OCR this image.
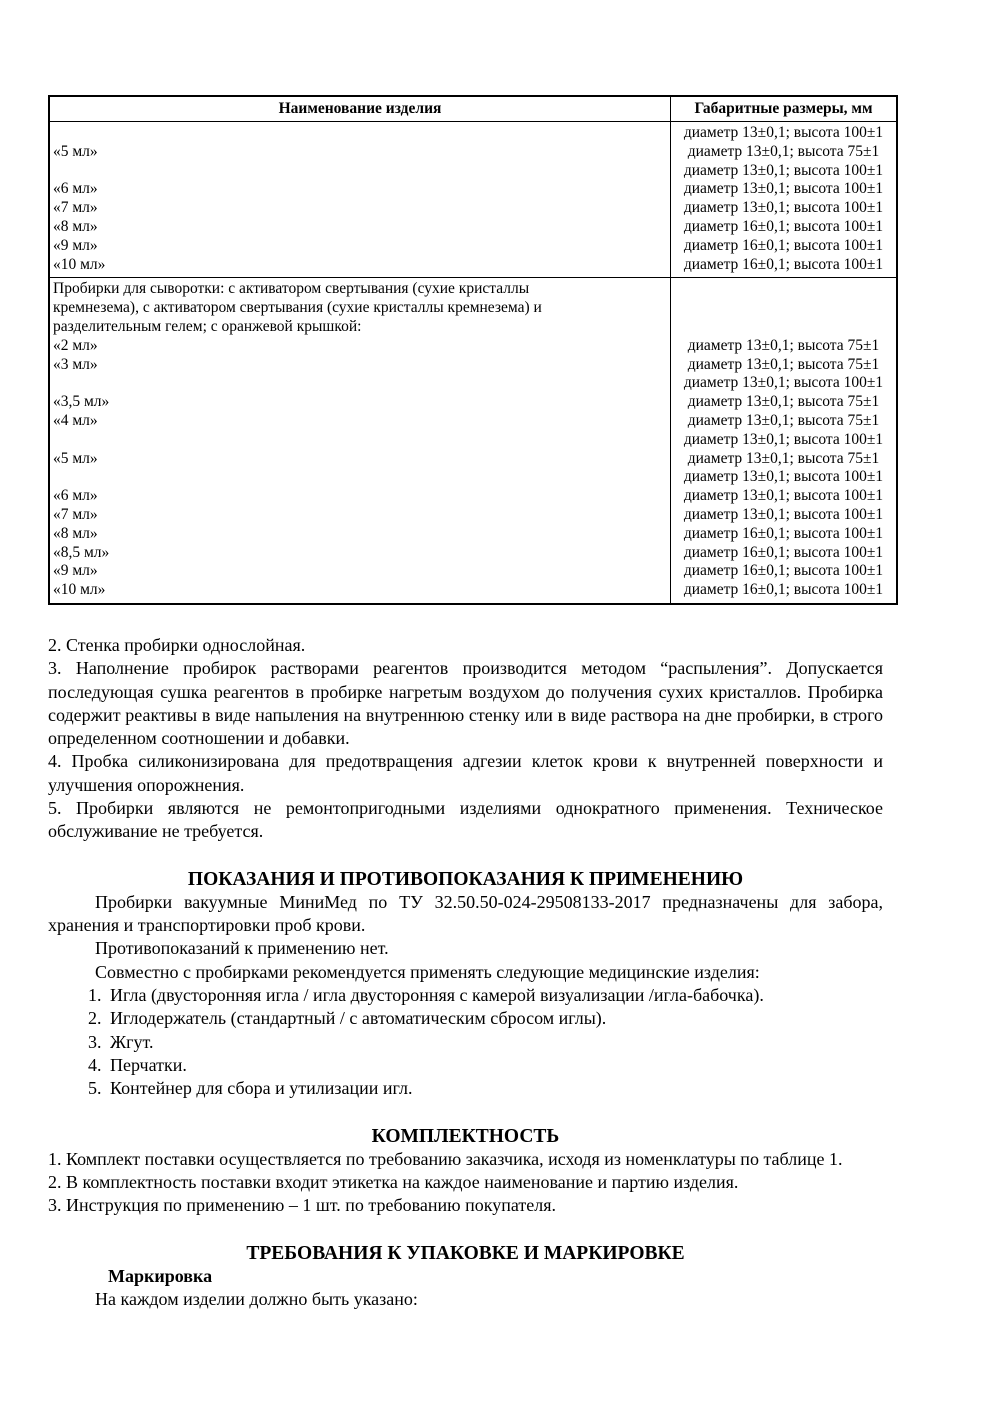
Наименование изделия	Габаритные размеры, мм
«5 мл»
«6 мл»
«7 мл»
«8 мл»
«9 мл»
«10 мл»
диаметр 13±0,1; высота 100±1
диаметр 13±0,1; высота 75±1
диаметр 13±0,1; высота 100±1
диаметр 13±0,1; высота 100±1
диаметр 13±0,1; высота 100±1
диаметр 16±0,1; высота 100±1
диаметр 16±0,1; высота 100±1
диаметр 16±0,1; высота 100±1
Пробирки для сыворотки: с активатором свертывания (сухие кристаллы
кремнезема), с активатором свертывания (сухие кристаллы кремнезема) и
разделительным гелем; с оранжевой крышкой:
«2 мл»
«3 мл»
«3,5 мл»
«4 мл»
«5 мл»
«6 мл»
«7 мл»
«8 мл»
«8,5 мл»
«9 мл»
«10 мл»
диаметр 13±0,1; высота 75±1
диаметр 13±0,1; высота 75±1
диаметр 13±0,1; высота 100±1
диаметр 13±0,1; высота 75±1
диаметр 13±0,1; высота 75±1
диаметр 13±0,1; высота 100±1
диаметр 13±0,1; высота 75±1
диаметр 13±0,1; высота 100±1
диаметр 13±0,1; высота 100±1
диаметр 13±0,1; высота 100±1
диаметр 16±0,1; высота 100±1
диаметр 16±0,1; высота 100±1
диаметр 16±0,1; высота 100±1
диаметр 16±0,1; высота 100±1

2. Стенка пробирки однослойная.

3. Наполнение пробирок растворами реагентов производится методом “распыления”. Допускается последующая сушка реагентов в пробирке нагретым воздухом до получения сухих кристаллов. Пробирка содержит реактивы в виде напыления на внутреннюю стенку или в виде раствора на дне пробирки, в строго определенном соотношении и добавки.

4. Пробка силиконизирована для предотвращения адгезии клеток крови к внутренней поверхности и улучшения опорожнения.

5. Пробирки являются не ремонтопригодными изделиями однократного применения. Техническое обслуживание не требуется.

ПОКАЗАНИЯ И ПРОТИВОПОКАЗАНИЯ К ПРИМЕНЕНИЮ

Пробирки вакуумные МиниМед по ТУ 32.50.50-024-29508133-2017 предназначены для забора, хранения и транспортировки проб крови.

Противопоказаний к применению нет.

Совместно с пробирками рекомендуется применять следующие медицинские изделия:

1. Игла (двусторонняя игла / игла двусторонняя с камерой визуализации /игла-бабочка).
2. Иглодержатель (стандартный / с автоматическим сбросом иглы).
3. Жгут.
4. Перчатки.
5. Контейнер для сбора и утилизации игл.
КОМПЛЕКТНОСТЬ

1. Комплект поставки осуществляется по требованию заказчика, исходя из номенклатуры по таблице 1.

2. В комплектность поставки входит этикетка на каждое наименование и партию изделия.

3. Инструкция по применению – 1 шт. по требованию покупателя.

ТРЕБОВАНИЯ К УПАКОВКЕ И МАРКИРОВКЕ
Маркировка

На каждом изделии должно быть указано:
